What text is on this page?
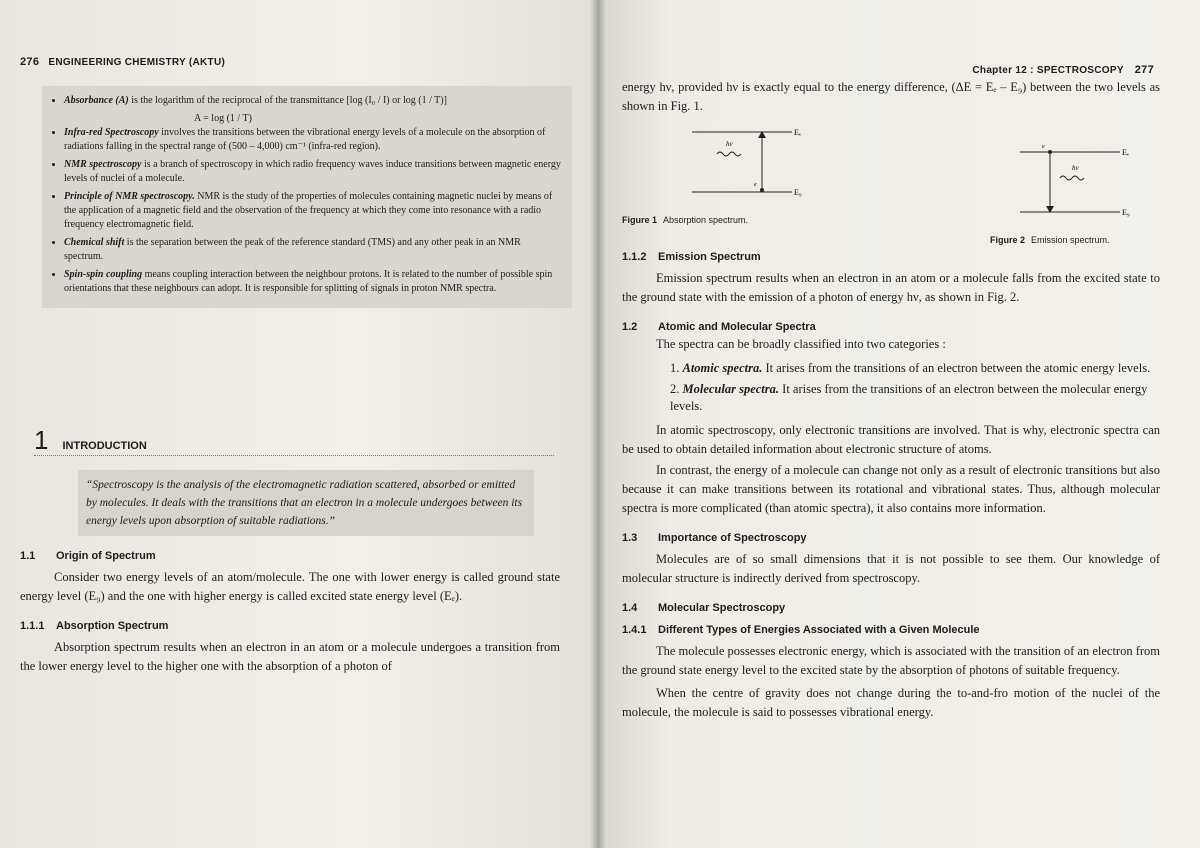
276 ENGINEERING CHEMISTRY (AKTU)
• Absorbance (A) is the logarithm of the reciprocal of the transmittance [log (I₀ / I) or log (1 / T)]
A = log (1 / T)
• Infra-red Spectroscopy involves the transitions between the vibrational energy levels of a molecule on the absorption of radiations falling in the spectral range of (500 – 4,000) cm⁻¹ (infra-red region).
• NMR spectroscopy is a branch of spectroscopy in which radio frequency waves induce transitions between magnetic energy levels of nuclei of a molecule.
• Principle of NMR spectroscopy. NMR is the study of the properties of molecules containing magnetic nuclei by means of the application of a magnetic field and the observation of the frequency at which they come into resonance with a radio frequency electromagnetic field.
• Chemical shift is the separation between the peak of the reference standard (TMS) and any other peak in an NMR spectrum.
• Spin-spin coupling means coupling interaction between the neighbour protons. It is related to the number of possible spin orientations that these neighbours can adopt. It is responsible for splitting of signals in proton NMR spectra.
1 INTRODUCTION
“Spectroscopy is the analysis of the electromagnetic radiation scattered, absorbed or emitted by molecules. It deals with the transitions that an electron in a molecule undergoes between its energy levels upon absorption of suitable radiations.”
1.1 Origin of Spectrum

Consider two energy levels of an atom/molecule. The one with lower energy is called ground state energy level (E₉) and the one with higher energy is called excited state energy level (Eₑ).

1.1.1 Absorption Spectrum

Absorption spectrum results when an electron in an atom or a molecule undergoes a transition from the lower energy level to the higher one with the absorption of a photon of

Chapter 12 : SPECTROSCOPY 277

energy hν, provided hν is exactly equal to the energy difference, (ΔE = Eₑ – E₉) between the two levels as shown in Fig. 1.

Eₑ
E₉
hν
e
Figure 1 Absorption spectrum.
Eₑ
E₉
hν
e
Figure 2 Emission spectrum.
1.1.2 Emission Spectrum

Emission spectrum results when an electron in an atom or a molecule falls from the excited state to the ground state with the emission of a photon of energy hν, as shown in Fig. 2.

1.2 Atomic and Molecular Spectra

The spectra can be broadly classified into two categories :

1. Atomic spectra. It arises from the transitions of an electron between the atomic energy levels.
2. Molecular spectra. It arises from the transitions of an electron between the molecular energy levels.

In atomic spectroscopy, only electronic transitions are involved. That is why, electronic spectra can be used to obtain detailed information about electronic structure of atoms.

In contrast, the energy of a molecule can change not only as a result of electronic transitions but also because it can make transitions between its rotational and vibrational states. Thus, although molecular spectra is more complicated (than atomic spectra), it also contains more information.

1.3 Importance of Spectroscopy

Molecules are of so small dimensions that it is not possible to see them. Our knowledge of molecular structure is indirectly derived from spectroscopy.

1.4 Molecular Spectroscopy
1.4.1 Different Types of Energies Associated with a Given Molecule

The molecule possesses electronic energy, which is associated with the transition of an electron from the ground state energy level to the excited state by the absorption of photons of suitable frequency.

When the centre of gravity does not change during the to-and-fro motion of the nuclei of the molecule, the molecule is said to possesses vibrational energy.
